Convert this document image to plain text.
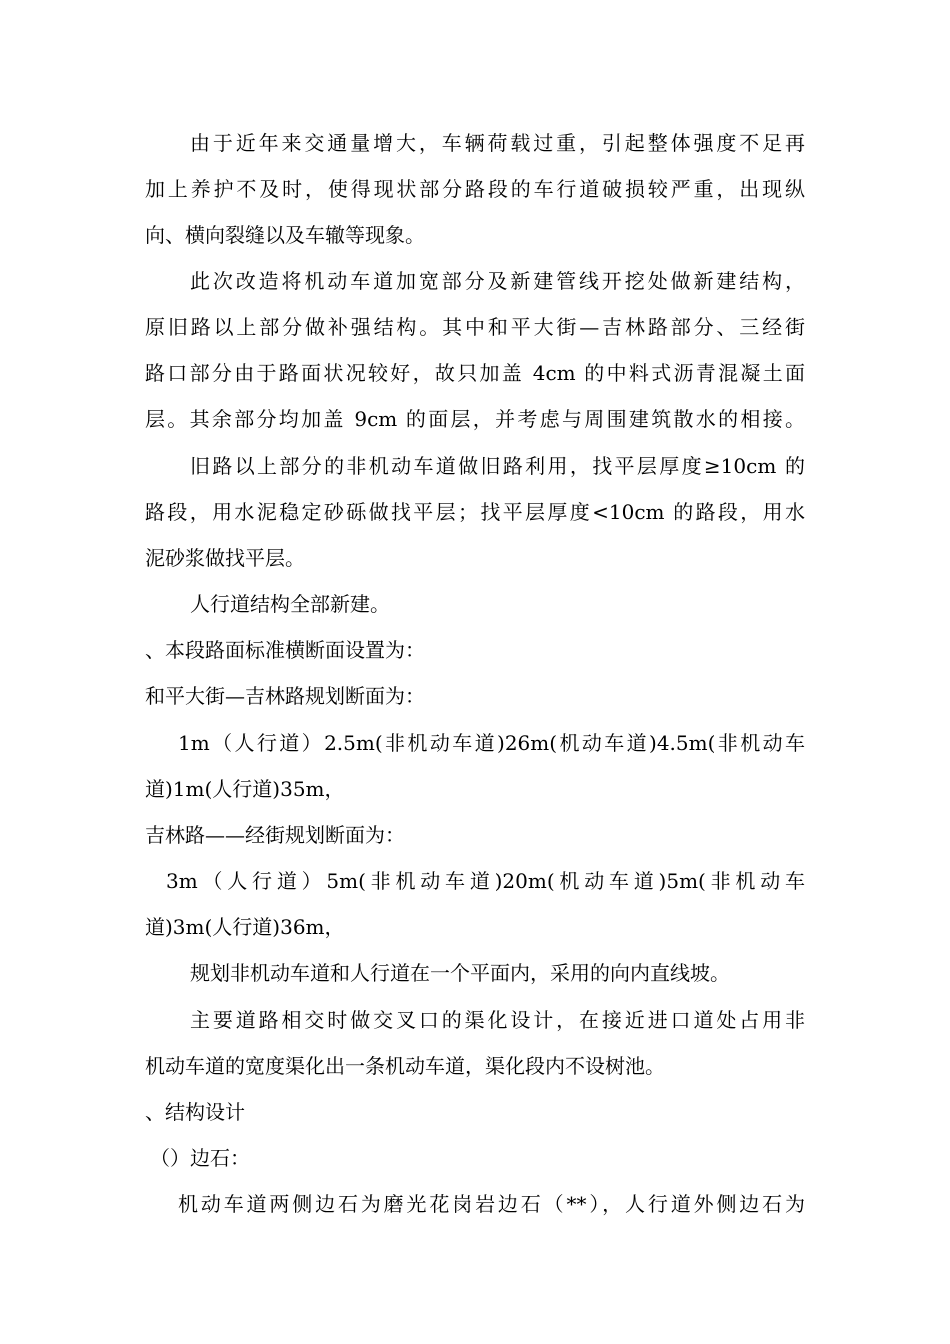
由于近年来交通量增大，车辆荷载过重，引起整体强度不足再

加上养护不及时，使得现状部分路段的车行道破损较严重，出现纵

向、横向裂缝以及车辙等现象。

此次改造将机动车道加宽部分及新建管线开挖处做新建结构，

原旧路以上部分做补强结构。其中和平大街—吉林路部分、三经街

路口部分由于路面状况较好，故只加盖 4cm 的中料式沥青混凝土面

层。其余部分均加盖 9cm 的面层，并考虑与周围建筑散水的相接。

旧路以上部分的非机动车道做旧路利用，找平层厚度≥10cm 的

路段，用水泥稳定砂砾做找平层；找平层厚度<10cm 的路段，用水

泥砂浆做找平层。

人行道结构全部新建。

、本段路面标准横断面设置为：

和平大街—吉林路规划断面为：

1m（人行道）2.5m(非机动车道)26m(机动车道)4.5m(非机动车

道)1m(人行道)35m，

吉林路——经街规划断面为：

3m（人行道）5m(非机动车道)20m(机动车道)5m(非机动车

道)3m(人行道)36m，

规划非机动车道和人行道在一个平面内，采用的向内直线坡。

主要道路相交时做交叉口的渠化设计，在接近进口道处占用非

机动车道的宽度渠化出一条机动车道，渠化段内不设树池。

、结构设计

（）边石：

机动车道两侧边石为磨光花岗岩边石（**），人行道外侧边石为
